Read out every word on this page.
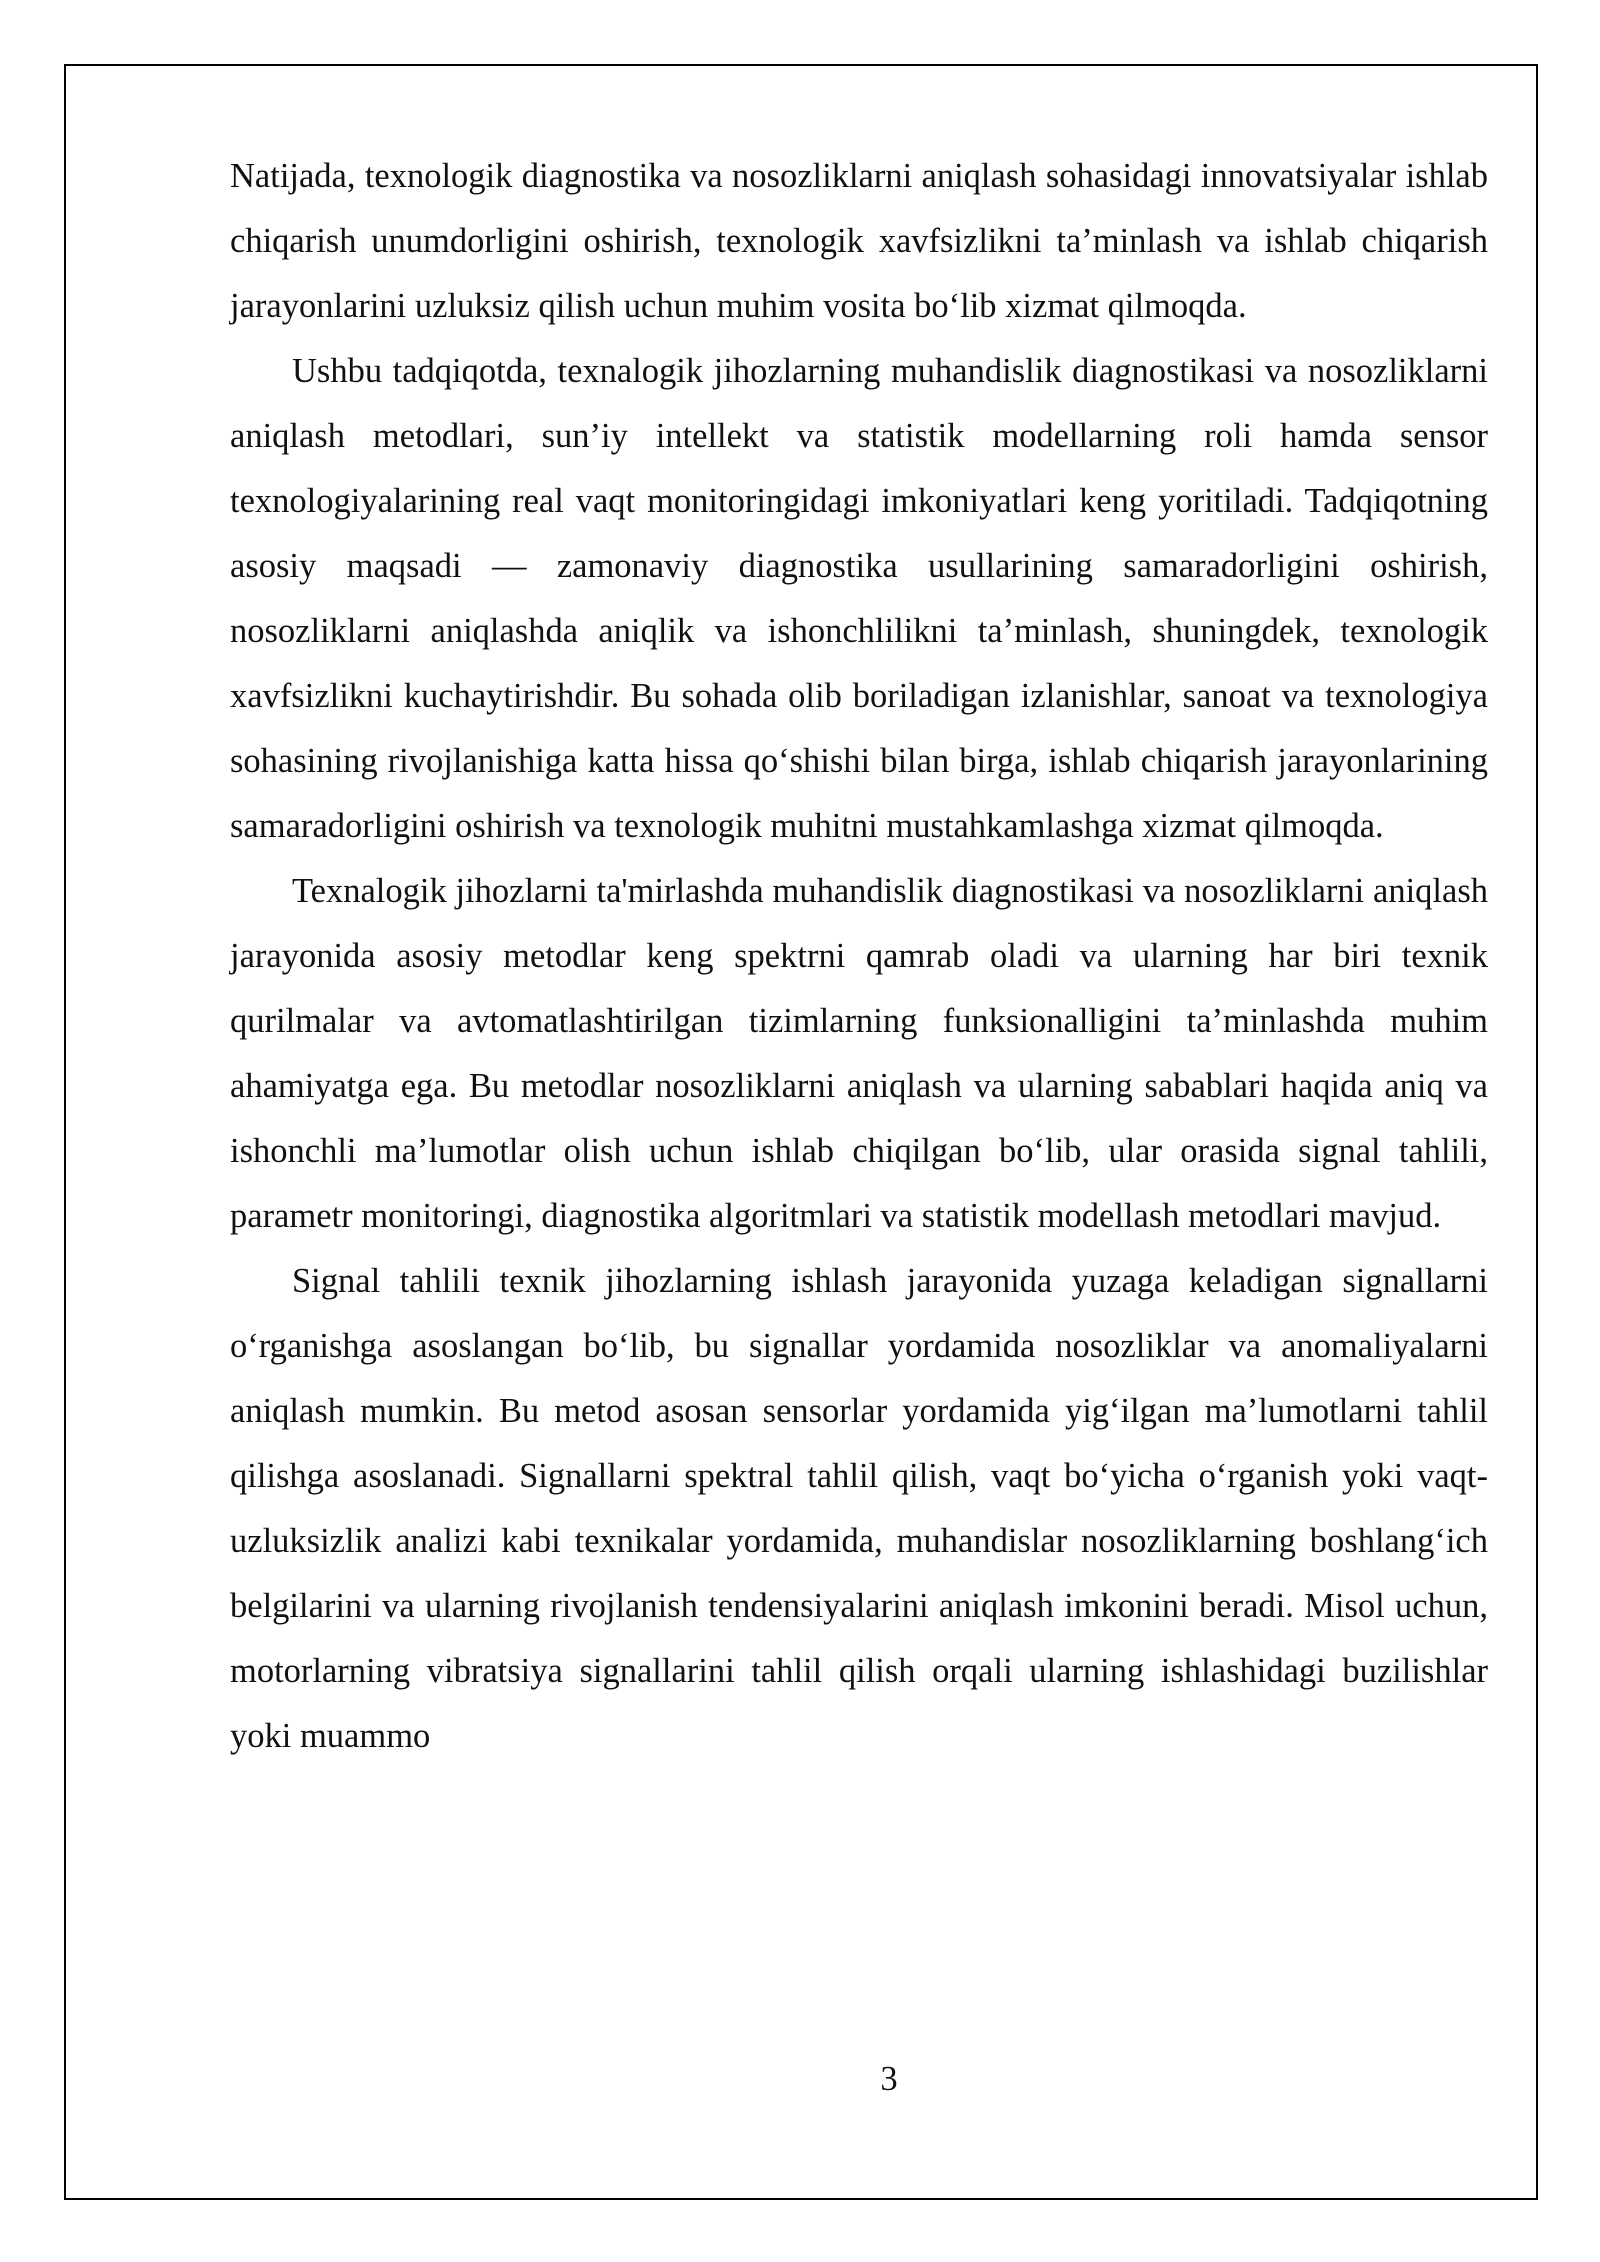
Natijada, texnologik diagnostika va nosozliklarni aniqlash sohasidagi innovatsiyalar ishlab chiqarish unumdorligini oshirish, texnologik xavfsizlikni ta’minlash va ishlab chiqarish jarayonlarini uzluksiz qilish uchun muhim vosita bo‘lib xizmat qilmoqda.

Ushbu tadqiqotda, texnalogik jihozlarning muhandislik diagnostikasi va nosozliklarni aniqlash metodlari, sun’iy intellekt va statistik modellarning roli hamda sensor texnologiyalarining real vaqt monitoringidagi imkoniyatlari keng yoritiladi. Tadqiqotning asosiy maqsadi — zamonaviy diagnostika usullarining samaradorligini oshirish, nosozliklarni aniqlashda aniqlik va ishonchlilikni ta’minlash, shuningdek, texnologik xavfsizlikni kuchaytirishdir. Bu sohada olib boriladigan izlanishlar, sanoat va texnologiya sohasining rivojlanishiga katta hissa qo‘shishi bilan birga, ishlab chiqarish jarayonlarining samaradorligini oshirish va texnologik muhitni mustahkamlashga xizmat qilmoqda.

Texnalogik jihozlarni ta'mirlashda muhandislik diagnostikasi va nosozliklarni aniqlash jarayonida asosiy metodlar keng spektrni qamrab oladi va ularning har biri texnik qurilmalar va avtomatlashtirilgan tizimlarning funksionalligini ta’minlashda muhim ahamiyatga ega. Bu metodlar nosozliklarni aniqlash va ularning sabablari haqida aniq va ishonchli ma’lumotlar olish uchun ishlab chiqilgan bo‘lib, ular orasida signal tahlili, parametr monitoringi, diagnostika algoritmlari va statistik modellash metodlari mavjud.

Signal tahlili texnik jihozlarning ishlash jarayonida yuzaga keladigan signallarni o‘rganishga asoslangan bo‘lib, bu signallar yordamida nosozliklar va anomaliyalarni aniqlash mumkin. Bu metod asosan sensorlar yordamida yig‘ilgan ma’lumotlarni tahlil qilishga asoslanadi. Signallarni spektral tahlil qilish, vaqt bo‘yicha o‘rganish yoki vaqt-uzluksizlik analizi kabi texnikalar yordamida, muhandislar nosozliklarning boshlang‘ich belgilarini va ularning rivojlanish tendensiyalarini aniqlash imkonini beradi. Misol uchun, motorlarning vibratsiya signallarini tahlil qilish orqali ularning ishlashidagi buzilishlar yoki muammo

3
